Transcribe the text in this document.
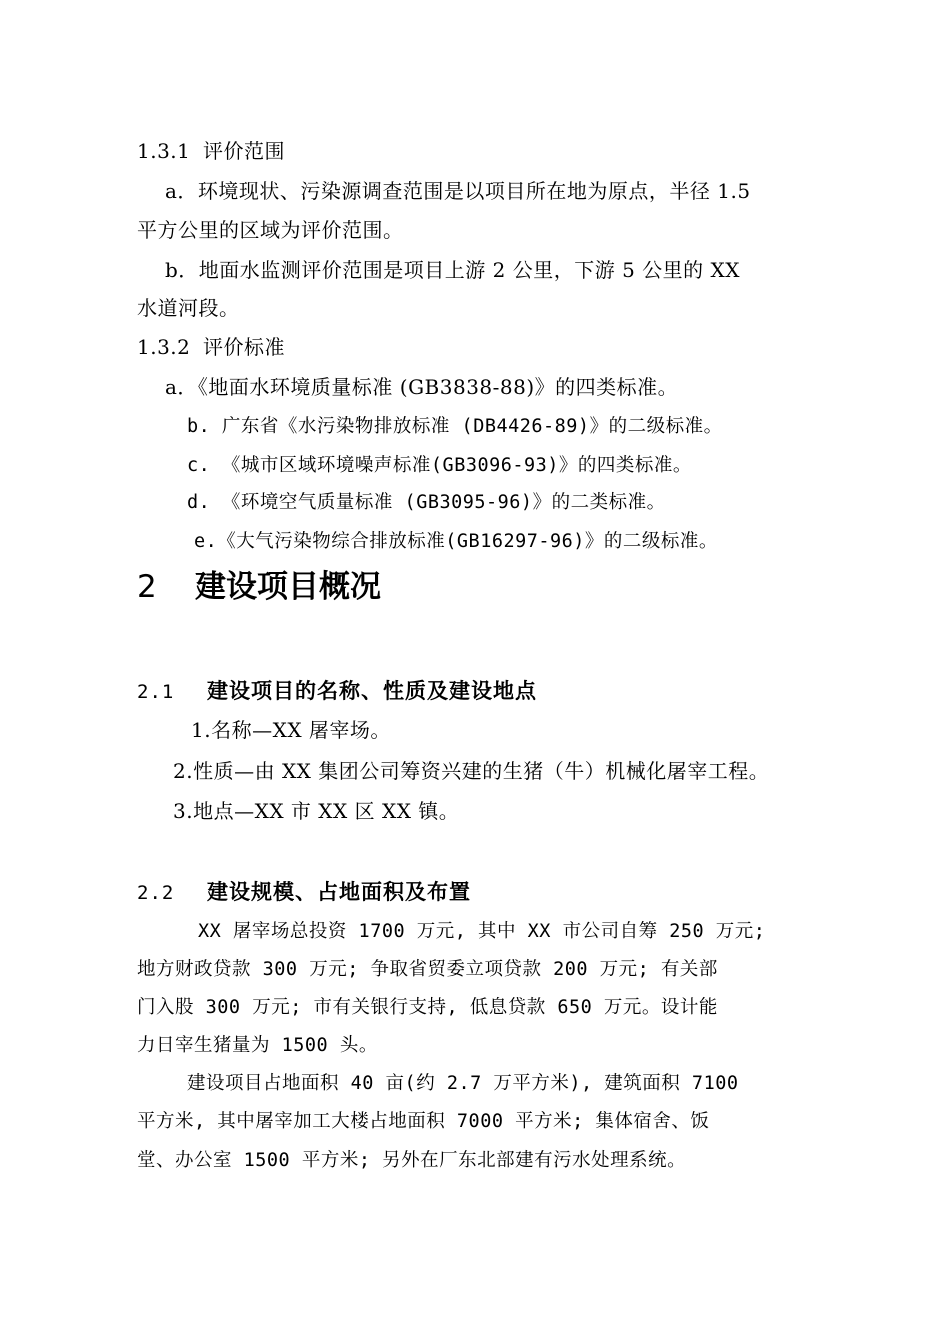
1.3.1 评价范围
a．环境现状、污染源调查范围是以项目所在地为原点，半径 1.5
平方公里的区域为评价范围。
b．地面水监测评价范围是项目上游 2 公里，下游 5 公里的 XX
水道河段。
1.3.2 评价标准
a．《地面水环境质量标准 (GB3838-88)》的四类标准。
b. 广东省《水污染物排放标准 (DB4426-89)》的二级标准。
c. 《城市区域环境噪声标准(GB3096-93)》的四类标准。
d. 《环境空气质量标准 (GB3095-96)》的二类标准。
e.《大气污染物综合排放标准(GB16297-96)》的二级标准。
2 建设项目概况
2.1 建设项目的名称、性质及建设地点
1.名称—XX 屠宰场。
2.性质—由 XX 集团公司筹资兴建的生猪（牛）机械化屠宰工程。
3.地点—XX 市 XX 区 XX 镇。
2.2 建设规模、占地面积及布置
XX 屠宰场总投资 1700 万元, 其中 XX 市公司自筹 250 万元;
地方财政贷款 300 万元; 争取省贸委立项贷款 200 万元; 有关部
门入股 300 万元; 市有关银行支持, 低息贷款 650 万元。设计能
力日宰生猪量为 1500 头。
建设项目占地面积 40 亩(约 2.7 万平方米), 建筑面积 7100
平方米, 其中屠宰加工大楼占地面积 7000 平方米; 集体宿舍、饭
堂、办公室 1500 平方米; 另外在厂东北部建有污水处理系统。
